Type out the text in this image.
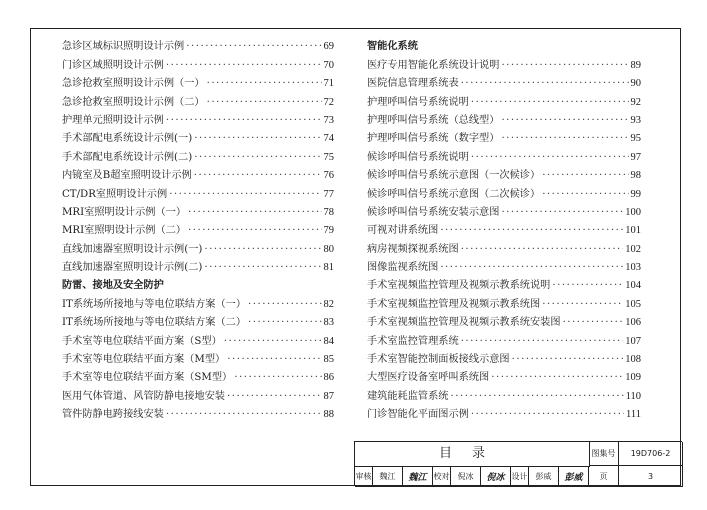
急诊区域标识照明设计示例 ·····	69
门诊区域照明设计示例 ·····	70
急诊抢救室照明设计示例（一） ·····	71
急诊抢救室照明设计示例（二） ·····	72
护理单元照明设计示例 ·····	73
手术部配电系统设计示例(一) ·····	74
手术部配电系统设计示例(二) ·····	75
内镜室及B超室照明设计示例 ·····	76
CT/DR室照明设计示例 ·····	77
MRI室照明设计示例（一） ·····	78
MRI室照明设计示例（二） ·····	79
直线加速器室照明设计示例(一) ·····	80
直线加速器室照明设计示例(二) ·····	81
防雷、接地及安全防护
IT系统场所接地与等电位联结方案（一） ·····	82
IT系统场所接地与等电位联结方案（二） ·····	83
手术室等电位联结平面方案（S型） ·····	84
手术室等电位联结平面方案（M型） ·····	85
手术室等电位联结平面方案（SM型） ·····	86
医用气体管道、风管防静电接地安装 ·····	87
管件防静电跨接线安装 ·····	88
智能化系统
医疗专用智能化系统设计说明 ·····	89
医院信息管理系统表 ·····	90
护理呼叫信号系统说明 ·····	92
护理呼叫信号系统（总线型） ·····	93
护理呼叫信号系统（数字型） ·····	95
候诊呼叫信号系统说明 ·····	97
候诊呼叫信号系统示意图（一次候诊） ·····	98
候诊呼叫信号系统示意图（二次候诊） ·····	99
候诊呼叫信号系统安装示意图 ·····	100
可视对讲系统图 ·····	101
病房视频探视系统图 ·····	102
图像监视系统图 ·····	103
手术室视频监控管理及视频示教系统说明 ·····	104
手术室视频监控管理及视频示教系统图 ·····	105
手术室视频监控管理及视频示教系统安装图 ·····	106
手术室监控管理系统 ·····	107
手术室智能控制面板接线示意图 ·····	108
大型医疗设备室呼叫系统图 ·····	109
建筑能耗监管系统 ·····	110
门诊智能化平面图示例 ·····	111
目录	图集号	19D706-2
审核	魏江	魏江 校对	倪冰	倪冰 设计	彭威	彭威	页	3
